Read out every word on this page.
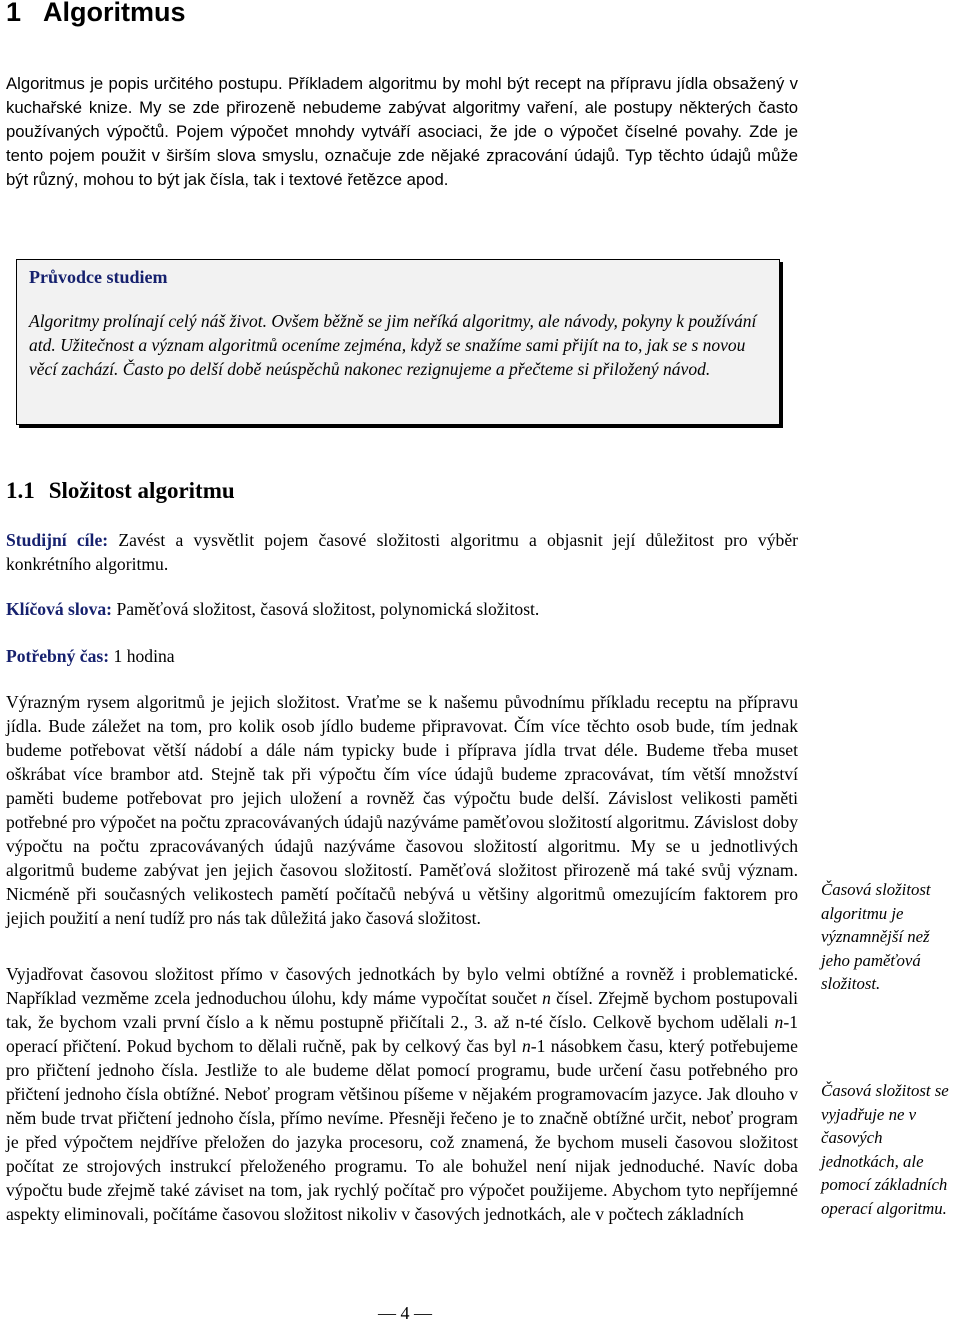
1 Algoritmus

Algoritmus je popis určitého postupu. Příkladem algoritmu by mohl být recept na přípravu jídla obsažený v kuchařské knize. My se zde přirozeně nebudeme zabývat algoritmy vaření, ale postupy některých často používaných výpočtů. Pojem výpočet mnohdy vytváří asociaci, že jde o výpočet číselné povahy. Zde je tento pojem použit v širším slova smyslu, označuje zde nějaké zpracování údajů. Typ těchto údajů může být různý, mohou to být jak čísla, tak i textové řetězce apod.

Průvodce studiem

Algoritmy prolínají celý náš život. Ovšem běžně se jim neříká algoritmy, ale návody, pokyny k používání atd. Užitečnost a význam algoritmů oceníme zejména, když se snažíme sami přijít na to, jak se s novou věcí zachází. Často po delší době neúspěchů nakonec rezignujeme a přečteme si přiložený návod.

1.1 Složitost algoritmu

Studijní cíle: Zavést a vysvětlit pojem časové složitosti algoritmu a objasnit její důležitost pro výběr konkrétního algoritmu.

Klíčová slova: Paměťová složitost, časová složitost, polynomická složitost.

Potřebný čas: 1 hodina

Výrazným rysem algoritmů je jejich složitost. Vraťme se k našemu původnímu příkladu receptu na přípravu jídla. Bude záležet na tom, pro kolik osob jídlo budeme připravovat. Čím více těchto osob bude, tím jednak budeme potřebovat větší nádobí a dále nám typicky bude i příprava jídla trvat déle. Budeme třeba muset oškrábat více brambor atd. Stejně tak při výpočtu čím více údajů budeme zpracovávat, tím větší množství paměti budeme potřebovat pro jejich uložení a rovněž čas výpočtu bude delší. Závislost velikosti paměti potřebné pro výpočet na počtu zpracovávaných údajů nazýváme paměťovou složitostí algoritmu. Závislost doby výpočtu na počtu zpracovávaných údajů nazýváme časovou složitostí algoritmu. My se u jednotlivých algoritmů budeme zabývat jen jejich časovou složitostí. Paměťová složitost přirozeně má také svůj význam. Nicméně při současných velikostech pamětí počítačů nebývá u většiny algoritmů omezujícím faktorem pro jejich použití a není tudíž pro nás tak důležitá jako časová složitost.

Vyjadřovat časovou složitost přímo v časových jednotkách by bylo velmi obtížné a rovněž i problematické. Například vezměme zcela jednoduchou úlohu, kdy máme vypočítat součet n čísel. Zřejmě bychom postupovali tak, že bychom vzali první číslo a k němu postupně přičítali 2., 3. až n-té číslo. Celkově bychom udělali n-1 operací přičtení. Pokud bychom to dělali ručně, pak by celkový čas byl n-1 násobkem času, který potřebujeme pro přičtení jednoho čísla. Jestliže to ale budeme dělat pomocí programu, bude určení času potřebného pro přičtení jednoho čísla obtížné. Neboť program většinou píšeme v nějakém programovacím jazyce. Jak dlouho v něm bude trvat přičtení jednoho čísla, přímo nevíme. Přesněji řečeno je to značně obtížné určit, neboť program je před výpočtem nejdříve přeložen do jazyka procesoru, což znamená, že bychom museli časovou složitost počítat ze strojových instrukcí přeloženého programu. To ale bohužel není nijak jednoduché. Navíc doba výpočtu bude zřejmě také záviset na tom, jak rychlý počítač pro výpočet použijeme. Abychom tyto nepříjemné aspekty eliminovali, počítáme časovou složitost nikoliv v časových jednotkách, ale v počtech základních

Časová složitost algoritmu je významnější než jeho paměťová složitost.

Časová složitost se vyjadřuje ne v časových jednotkách, ale pomocí základních operací algoritmu.

— 4 —
